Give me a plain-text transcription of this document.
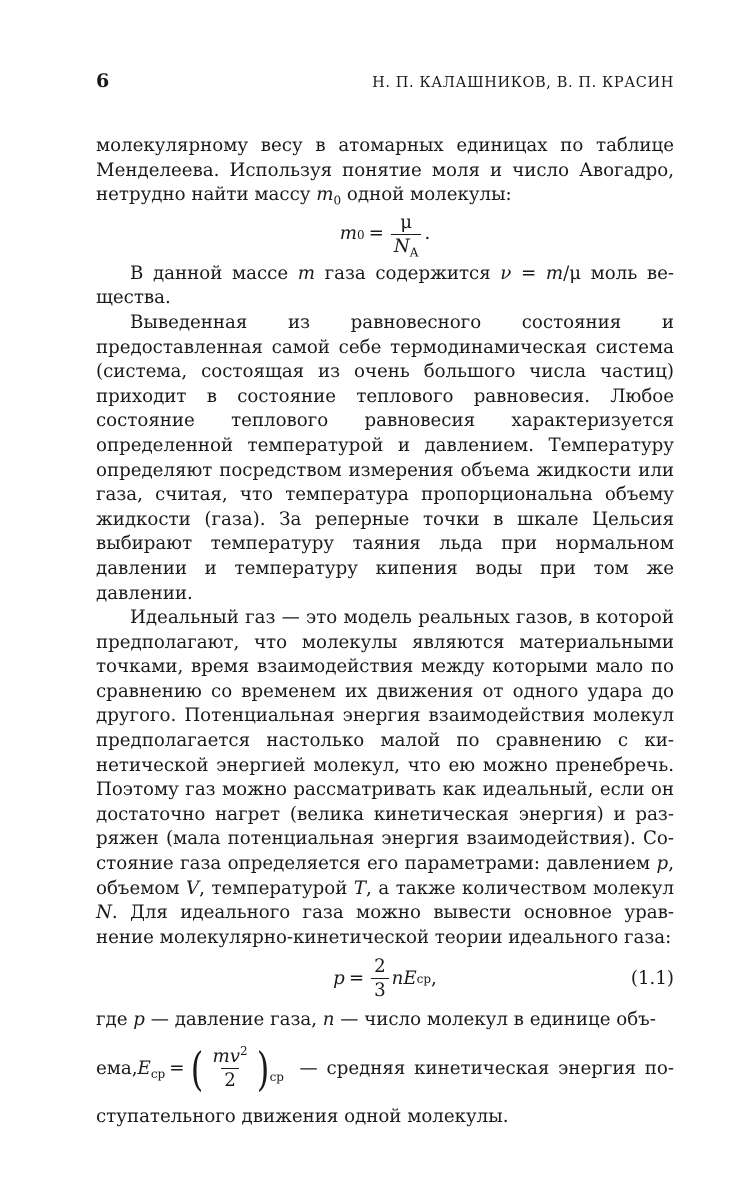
6	Н. П. КАЛАШНИКОВ, В. П. КРАСИН

молекулярному весу в атомарных единицах по таблице Менделеева. Используя понятие моля и число Авогадро, нетрудно найти массу $m_0$ одной молекулы:

m $0 = \frac{\mu}{N_A}$ .

В данной массе m газа содержится ν = m/μ моль ве- щества.

Выведенная из равновесного состояния и предоставленная самой себе термодинамическая система (система, состоящая из очень большого числа частиц) приходит в состояние теплового равновесия. Любое состояние теплового равновесия характеризуется определенной температурой и давлением. Температуру определяют посредством измерения объема жидкости или газа, считая, что температура пропорциональна объему жидкости (газа). За реперные точки в шкале Цельсия выбирают температуру таяния льда при нормальном давлении и температуру кипения воды при том же давлении.

Идеальный газ — это модель реальных газов, в которой предполагают, что молекулы являются материальными точками, время взаимодействия между которыми мало по сравнению со временем их движения от одного удара до другого. Потенциальная энергия взаимодействия молекул предполагается настолько малой по сравнению с кинетической энергией молекул, что ею можно пренебречь. Поэтому газ можно рассматривать как идеальный, если он достаточно нагрет (велика кинетическая энергия) и разряжен (мала потенциальная энергия взаимодействия). Состояние газа определяется его параметрами: давлением p, объемом V, температурой T, а также количеством молекул N. Для идеального газа можно вывести основное уравнение молекулярно-кинетической теории идеального газа:

$p = \frac{2}{3}$ n E ср ,	(1.1)

где p — давление газа, n — число молекул в единице объ-

ема, E ср = ( $\frac{mv^2}{2}$ ) ср — средняя кинетическая энергия по-

ступательного движения одной молекулы.
